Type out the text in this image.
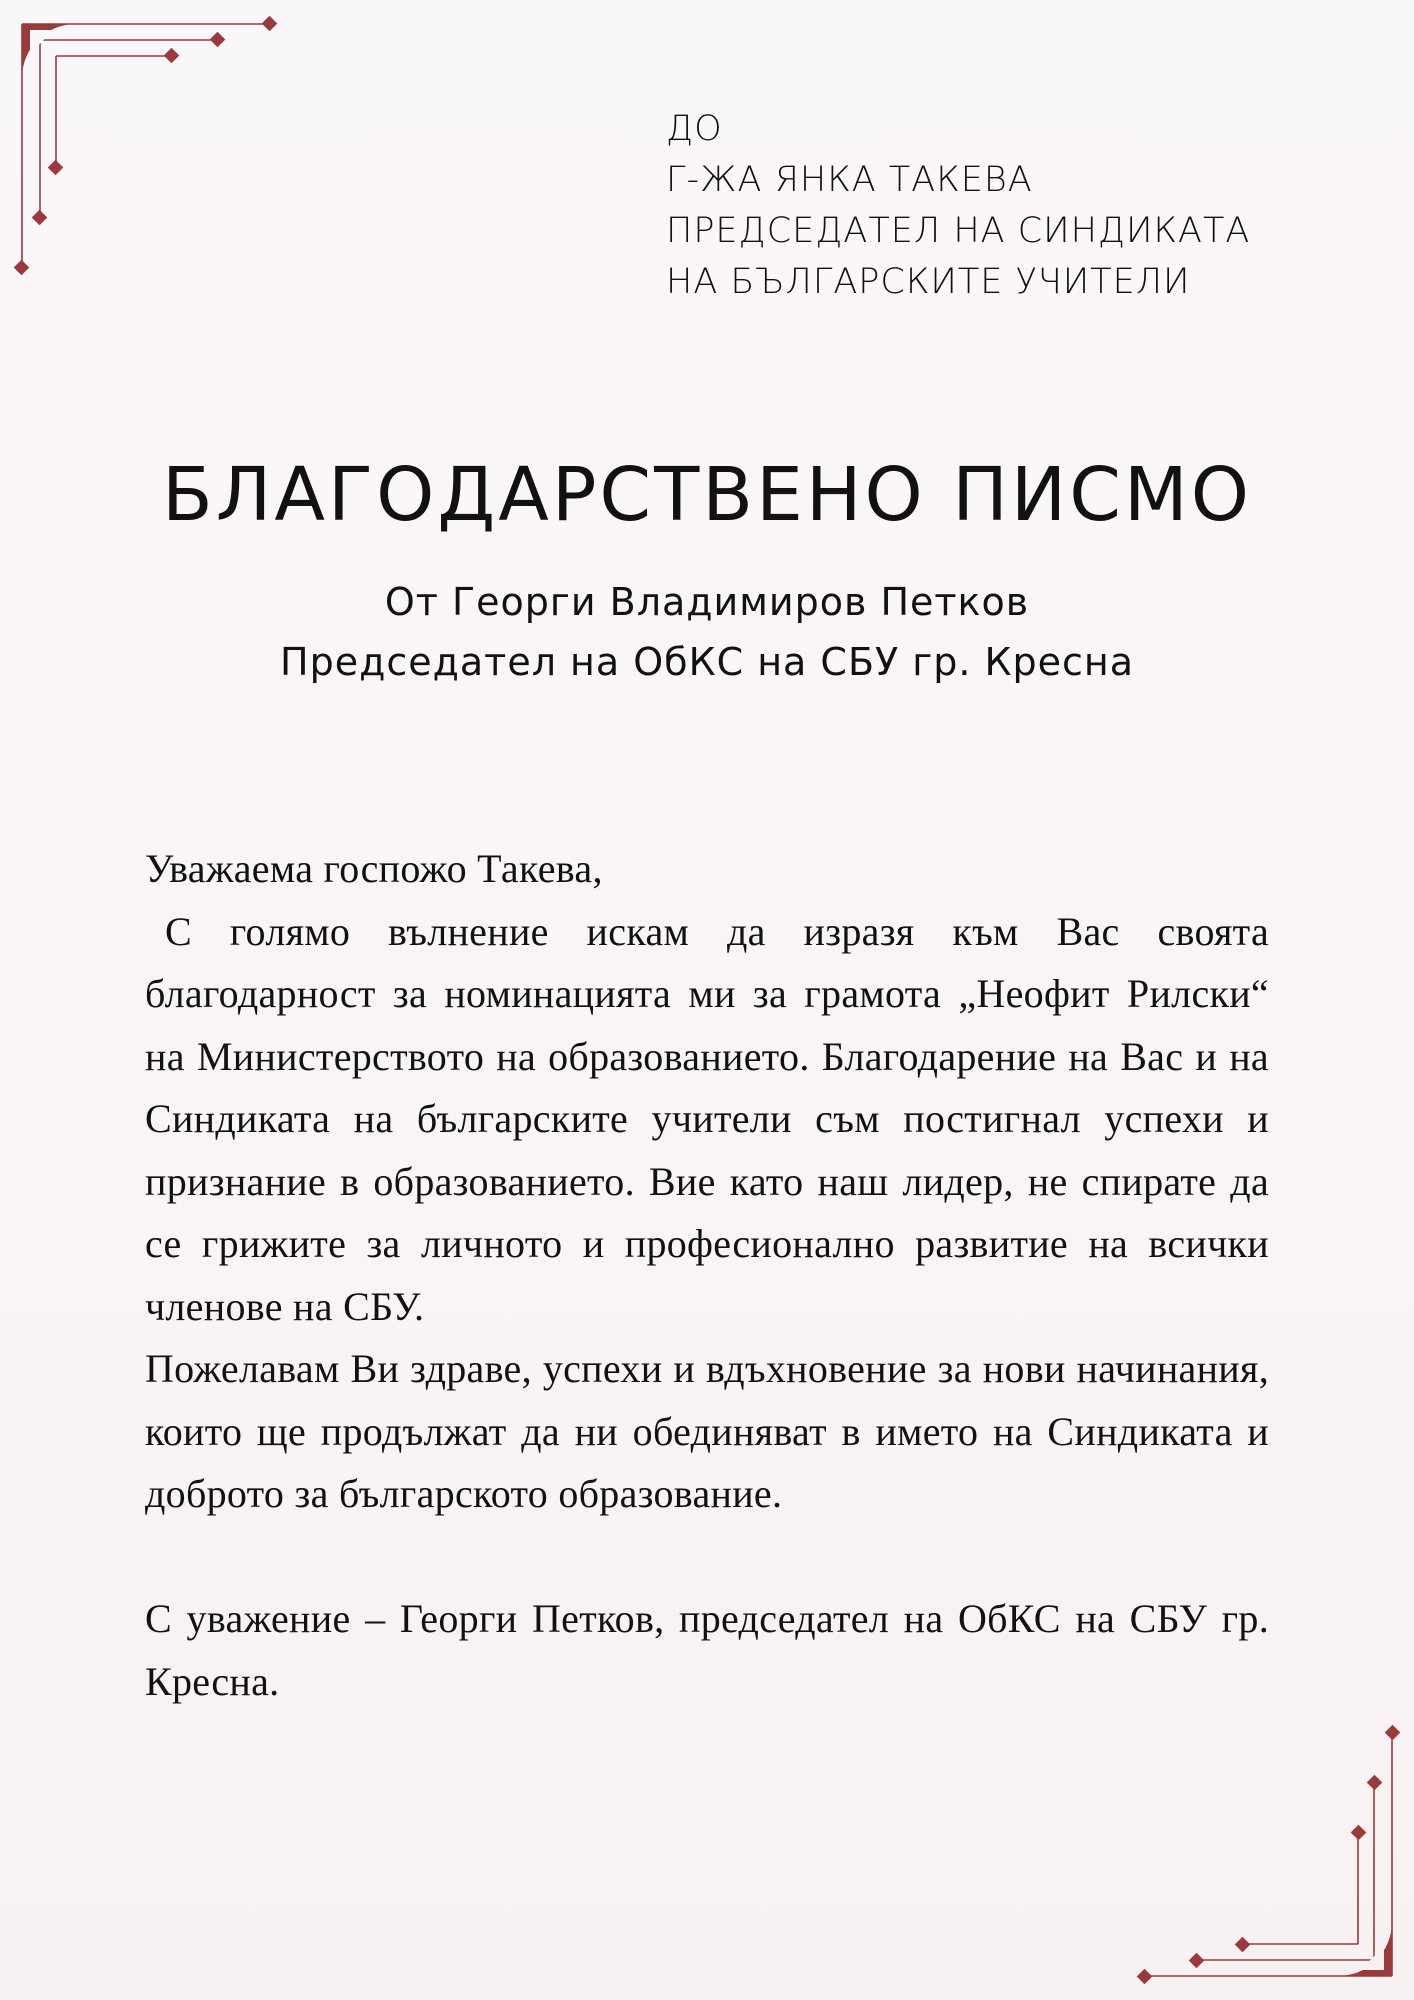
ДО
Г-ЖА ЯНКА ТАКЕВА
ПРЕДСЕДАТЕЛ НА СИНДИКАТА
НА БЪЛГАРСКИТЕ УЧИТЕЛИ
БЛАГОДАРСТВЕНО ПИСМО
От Георги Владимиров Петков
Председател на ОбКС на СБУ гр. Кресна

Уважаема госпожо Такева,

С голямо вълнение искам да изразя към Вас своята благодарност за номинацията ми за грамота „Неофит Рилски“ на Министерството на образованието. Благодарение на Вас и на Синдиката на българските учители съм постигнал успехи и признание в образованието. Вие като наш лидер, не спирате да се грижите за личното и професионално развитие на всички членове на СБУ.

Пожелавам Ви здраве, успехи и вдъхновение за нови начинания, които ще продължат да ни обединяват в името на Синдиката и доброто за българското образование.

С уважение – Георги Петков, председател на ОбКС на СБУ гр. Кресна.
